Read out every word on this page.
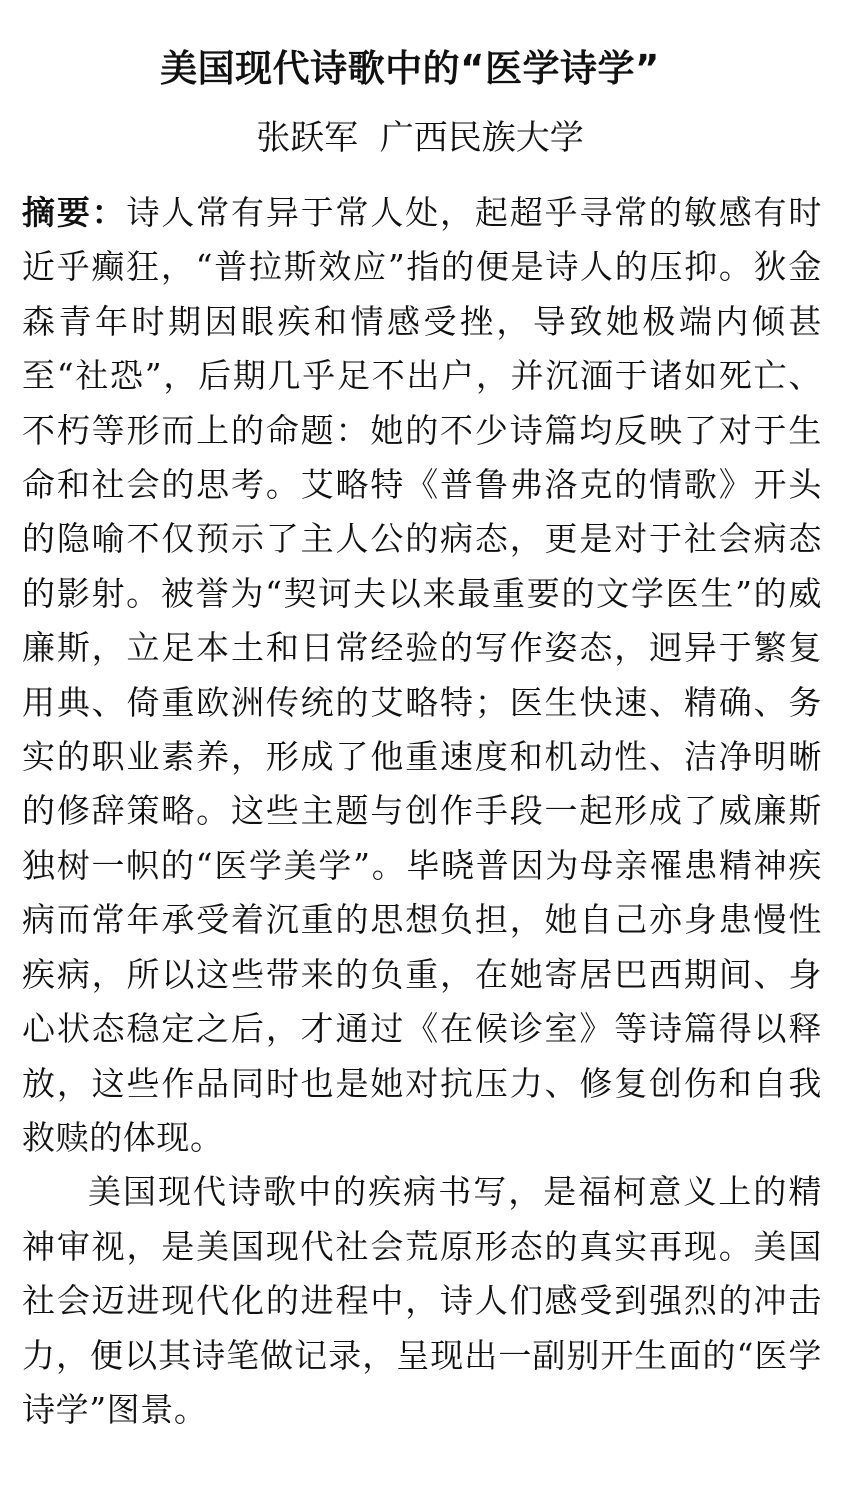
美国现代诗歌中的“医学诗学”
张跃军  广西民族大学

摘要：诗人常有异于常人处，起超乎寻常的敏感有时近乎癫狂，“普拉斯效应”指的便是诗人的压抑。狄金森青年时期因眼疾和情感受挫，导致她极端内倾甚至“社恐”，后期几乎足不出户，并沉湎于诸如死亡、不朽等形而上的命题：她的不少诗篇均反映了对于生命和社会的思考。艾略特《普鲁弗洛克的情歌》开头的隐喻不仅预示了主人公的病态，更是对于社会病态的影射。被誉为“契诃夫以来最重要的文学医生”的威廉斯，立足本土和日常经验的写作姿态，迥异于繁复用典、倚重欧洲传统的艾略特；医生快速、精确、务实的职业素养，形成了他重速度和机动性、洁净明晰的修辞策略。这些主题与创作手段一起形成了威廉斯独树一帜的“医学美学”。毕晓普因为母亲罹患精神疾病而常年承受着沉重的思想负担，她自己亦身患慢性疾病，所以这些带来的负重，在她寄居巴西期间、身心状态稳定之后，才通过《在候诊室》等诗篇得以释放，这些作品同时也是她对抗压力、修复创伤和自我救赎的体现。

美国现代诗歌中的疾病书写，是福柯意义上的精神审视，是美国现代社会荒原形态的真实再现。美国社会迈进现代化的进程中，诗人们感受到强烈的冲击力，便以其诗笔做记录，呈现出一副别开生面的“医学诗学”图景。
